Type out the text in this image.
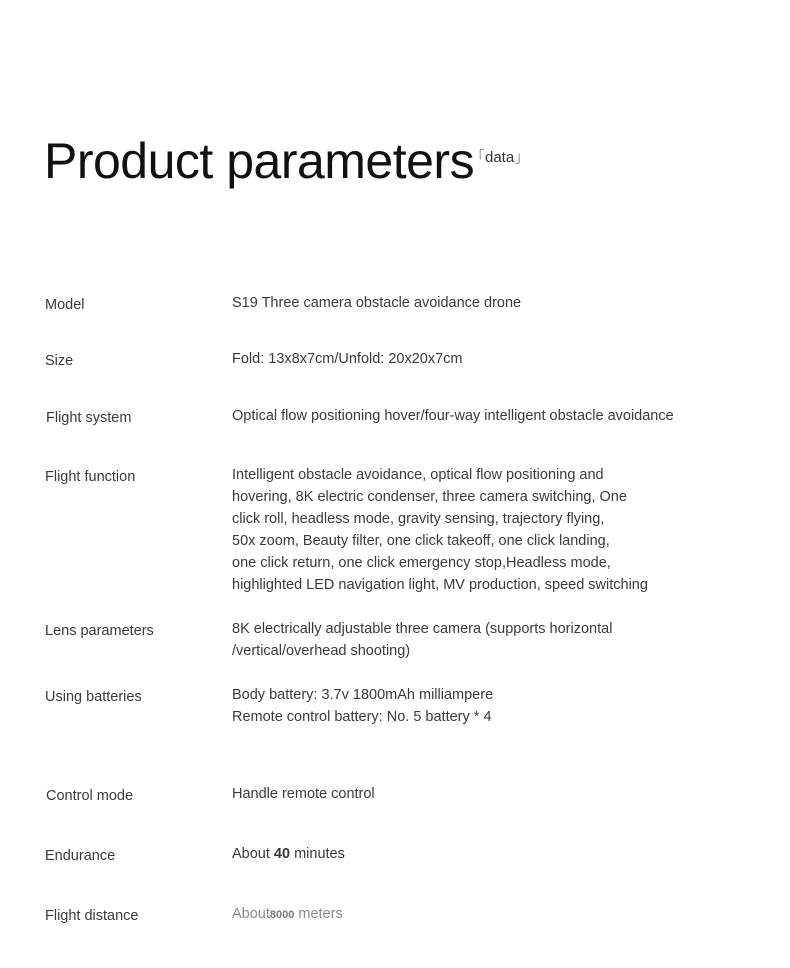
Product parameters
「data」
Model	S19 Three camera obstacle avoidance drone
Size	Fold: 13x8x7cm/Unfold: 20x20x7cm
Flight system	Optical flow positioning hover/four-way intelligent obstacle avoidance
Flight function	Intelligent obstacle avoidance, optical flow positioning and
hovering, 8K electric condenser, three camera switching, One
click roll, headless mode, gravity sensing, trajectory flying,
50x zoom, Beauty filter, one click takeoff, one click landing,
one click return, one click emergency stop,Headless mode,
highlighted LED navigation light, MV production, speed switching
Lens parameters	8K electrically adjustable three camera (supports horizontal
/vertical/overhead shooting)
Using batteries	Body battery: 3.7v 1800mAh milliampere
Remote control battery: No. 5 battery * 4
Control mode	Handle remote control
Endurance	About 40 minutes
Flight distance	About8000 meters
